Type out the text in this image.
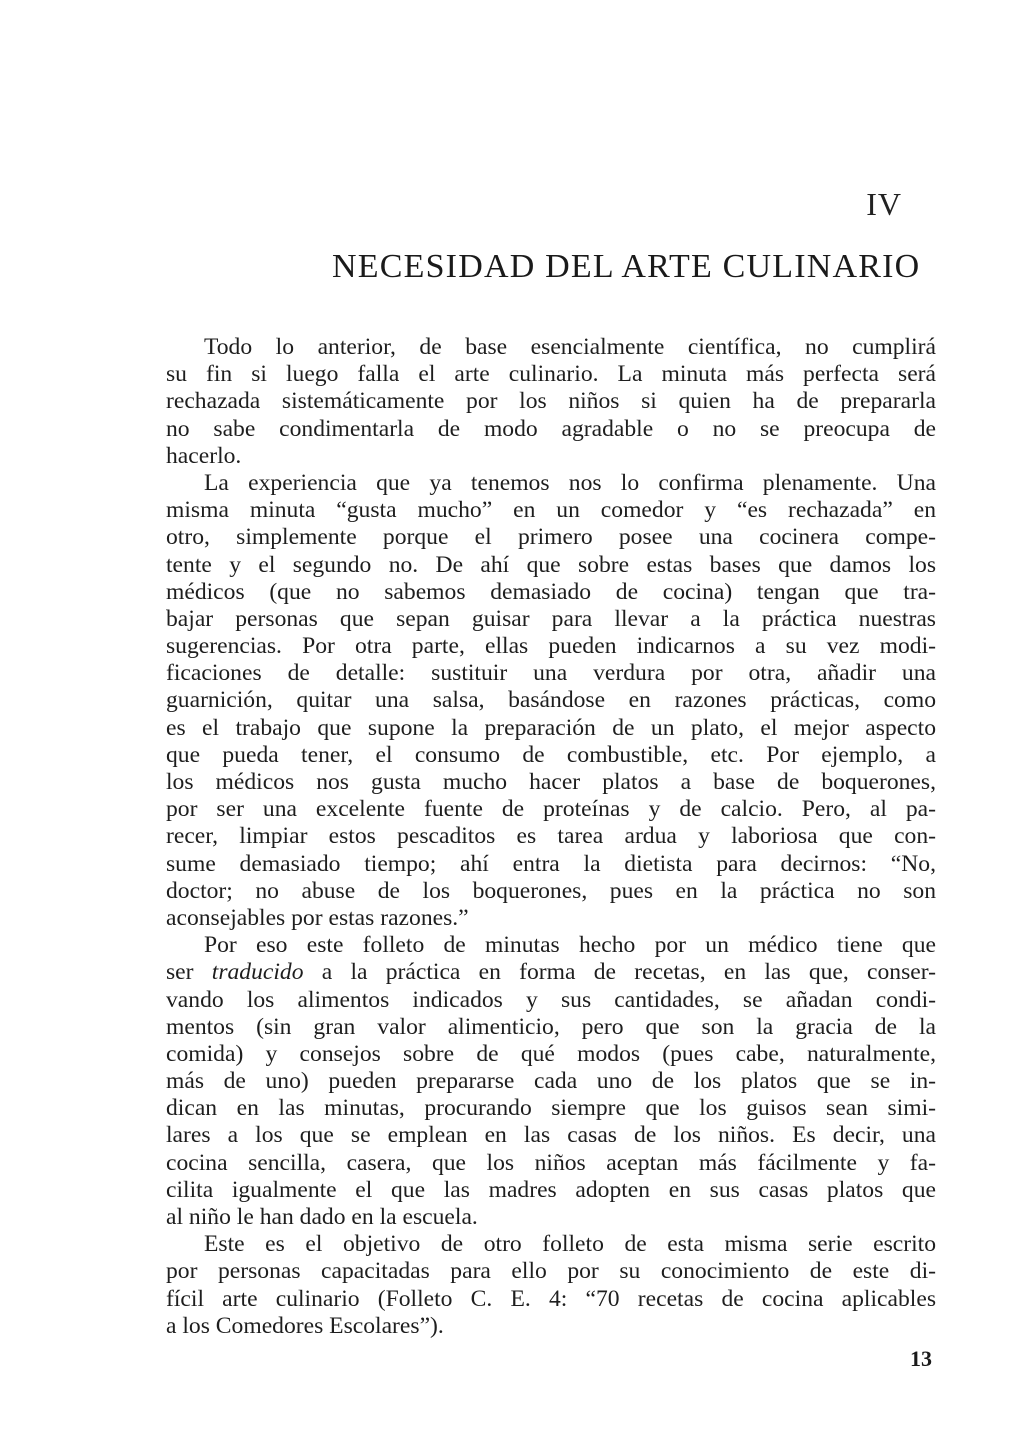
IV
NECESIDAD DEL ARTE CULINARIO
Todo lo anterior, de base esencialmente científica, no cumplirá
su fin si luego falla el arte culinario. La minuta más perfecta será
rechazada sistemáticamente por los niños si quien ha de prepararla
no sabe condimentarla de modo agradable o no se preocupa de
hacerlo.
La experiencia que ya tenemos nos lo confirma plenamente. Una
misma minuta “gusta mucho” en un comedor y “es rechazada” en
otro, simplemente porque el primero posee una cocinera compe-
tente y el segundo no. De ahí que sobre estas bases que damos los
médicos (que no sabemos demasiado de cocina) tengan que tra-
bajar personas que sepan guisar para llevar a la práctica nuestras
sugerencias. Por otra parte, ellas pueden indicarnos a su vez modi-
ficaciones de detalle: sustituir una verdura por otra, añadir una
guarnición, quitar una salsa, basándose en razones prácticas, como
es el trabajo que supone la preparación de un plato, el mejor aspecto
que pueda tener, el consumo de combustible, etc. Por ejemplo, a
los médicos nos gusta mucho hacer platos a base de boquerones,
por ser una excelente fuente de proteínas y de calcio. Pero, al pa-
recer, limpiar estos pescaditos es tarea ardua y laboriosa que con-
sume demasiado tiempo; ahí entra la dietista para decirnos: “No,
doctor; no abuse de los boquerones, pues en la práctica no son
aconsejables por estas razones.”
Por eso este folleto de minutas hecho por un médico tiene que
ser traducido a la práctica en forma de recetas, en las que, conser-
vando los alimentos indicados y sus cantidades, se añadan condi-
mentos (sin gran valor alimenticio, pero que son la gracia de la
comida) y consejos sobre de qué modos (pues cabe, naturalmente,
más de uno) pueden prepararse cada uno de los platos que se in-
dican en las minutas, procurando siempre que los guisos sean simi-
lares a los que se emplean en las casas de los niños. Es decir, una
cocina sencilla, casera, que los niños aceptan más fácilmente y fa-
cilita igualmente el que las madres adopten en sus casas platos que
al niño le han dado en la escuela.
Este es el objetivo de otro folleto de esta misma serie escrito
por personas capacitadas para ello por su conocimiento de este di-
fícil arte culinario (Folleto C. E. 4: “70 recetas de cocina aplicables
a los Comedores Escolares”).
13
